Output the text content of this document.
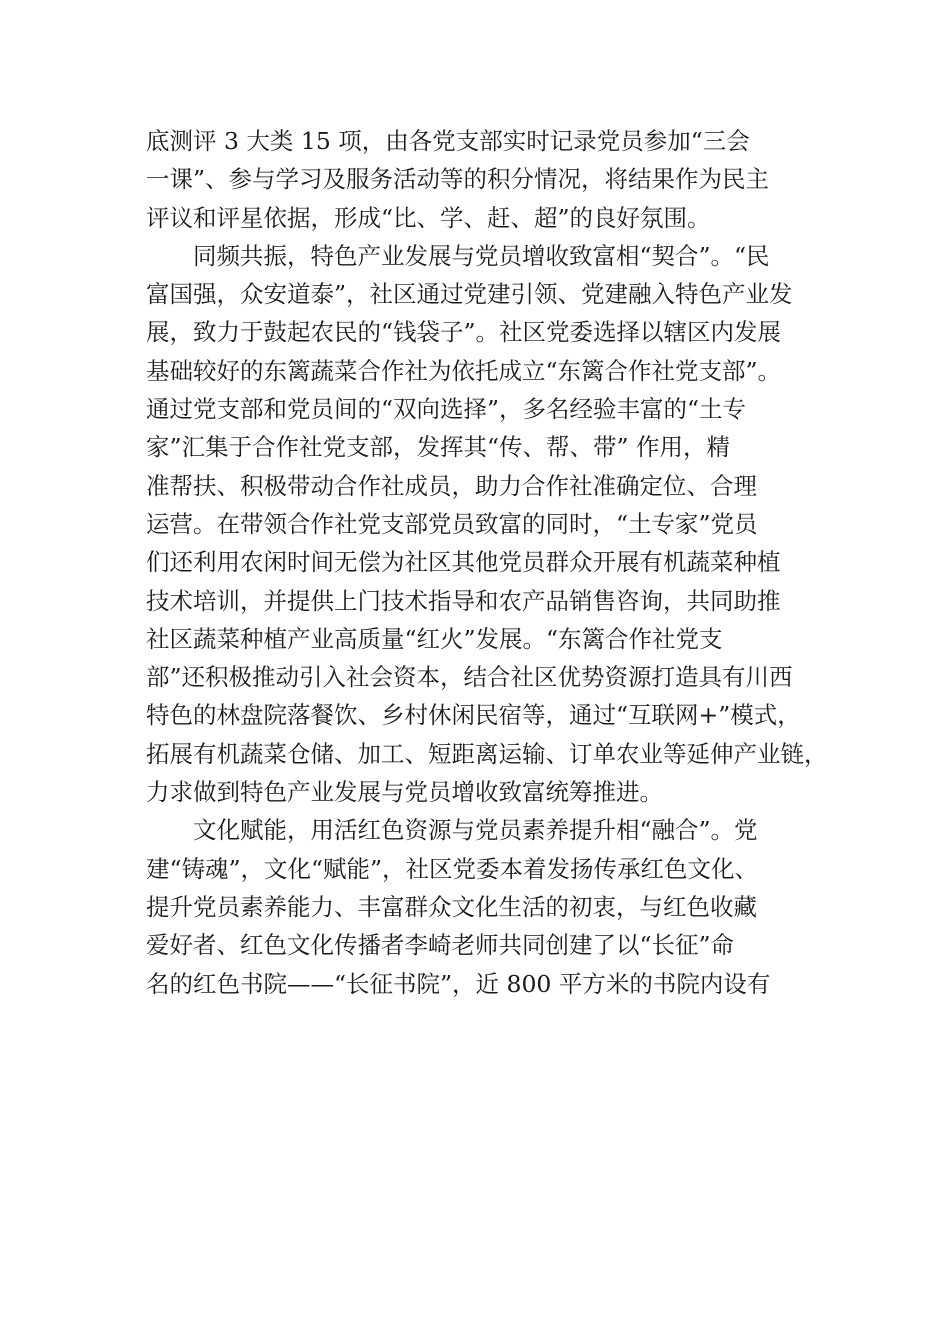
底测评 3 大类 15 项，由各党支部实时记录党员参加“三会
一课”、参与学习及服务活动等的积分情况，将结果作为民主
评议和评星依据，形成“比、学、赶、超”的良好氛围。
同频共振，特色产业发展与党员增收致富相“契合”。“民
富国强，众安道泰”，社区通过党建引领、党建融入特色产业发
展，致力于鼓起农民的“钱袋子”。社区党委选择以辖区内发展
基础较好的东篱蔬菜合作社为依托成立“东篱合作社党支部”。
通过党支部和党员间的“双向选择”，多名经验丰富的“土专
家”汇集于合作社党支部，发挥其“传、帮、带” 作用，精
准帮扶、积极带动合作社成员，助力合作社准确定位、合理
运营。在带领合作社党支部党员致富的同时，“土专家”党员
们还利用农闲时间无偿为社区其他党员群众开展有机蔬菜种植
技术培训，并提供上门技术指导和农产品销售咨询，共同助推
社区蔬菜种植产业高质量“红火”发展。“东篱合作社党支
部”还积极推动引入社会资本，结合社区优势资源打造具有川西
特色的林盘院落餐饮、乡村休闲民宿等，通过“互联网+”模式，
拓展有机蔬菜仓储、加工、短距离运输、订单农业等延伸产业链，
力求做到特色产业发展与党员增收致富统筹推进。
文化赋能，用活红色资源与党员素养提升相“融合”。党
建“铸魂”，文化“赋能”，社区党委本着发扬传承红色文化、
提升党员素养能力、丰富群众文化生活的初衷，与红色收藏
爱好者、红色文化传播者李崎老师共同创建了以“长征”命
名的红色书院——“长征书院”，近 800 平方米的书院内设有
